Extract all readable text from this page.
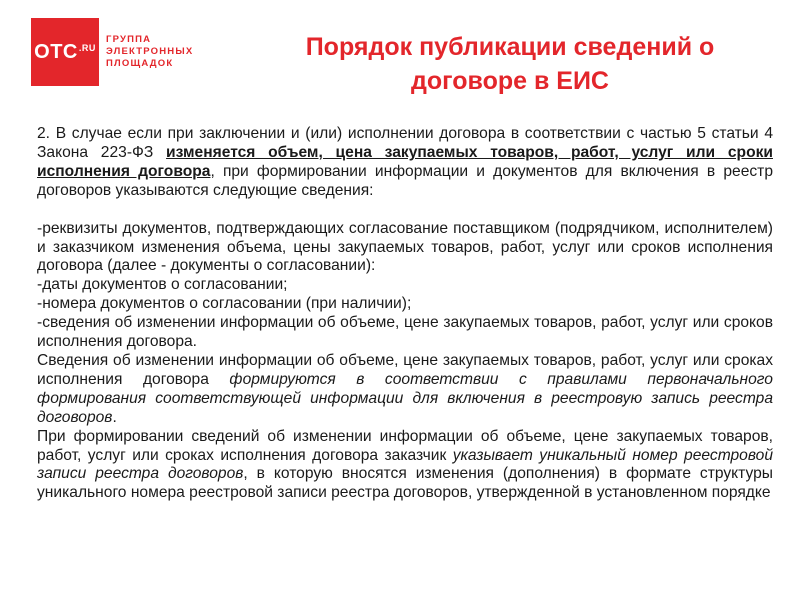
OTC .RU
ГРУППА
ЭЛЕКТРОННЫХ
ПЛОЩАДОК
Порядок публикации сведений о
договоре в ЕИС

2. В случае если при заключении и (или) исполнении договора в соответствии с частью 5 статьи 4 Закона 223-ФЗ изменяется объем, цена закупаемых товаров, работ, услуг или сроки исполнения договора, при формировании информации и документов для включения в реестр договоров указываются следующие сведения:

-реквизиты документов, подтверждающих согласование поставщиком (подрядчиком, исполнителем) и заказчиком изменения объема, цены закупаемых товаров, работ, услуг или сроков исполнения договора (далее - документы о согласовании):

-даты документов о согласовании;

-номера документов о согласовании (при наличии);

-сведения об изменении информации об объеме, цене закупаемых товаров, работ, услуг или сроков исполнения договора.

Сведения об изменении информации об объеме, цене закупаемых товаров, работ, услуг или сроках исполнения договора формируются в соответствии с правилами первоначального формирования соответствующей информации для включения в реестровую запись реестра договоров.

При формировании сведений об изменении информации об объеме, цене закупаемых товаров, работ, услуг или сроках исполнения договора заказчик указывает уникальный номер реестровой записи реестра договоров, в которую вносятся изменения (дополнения) в формате структуры уникального номера реестровой записи реестра договоров, утвержденной в установленном порядке
